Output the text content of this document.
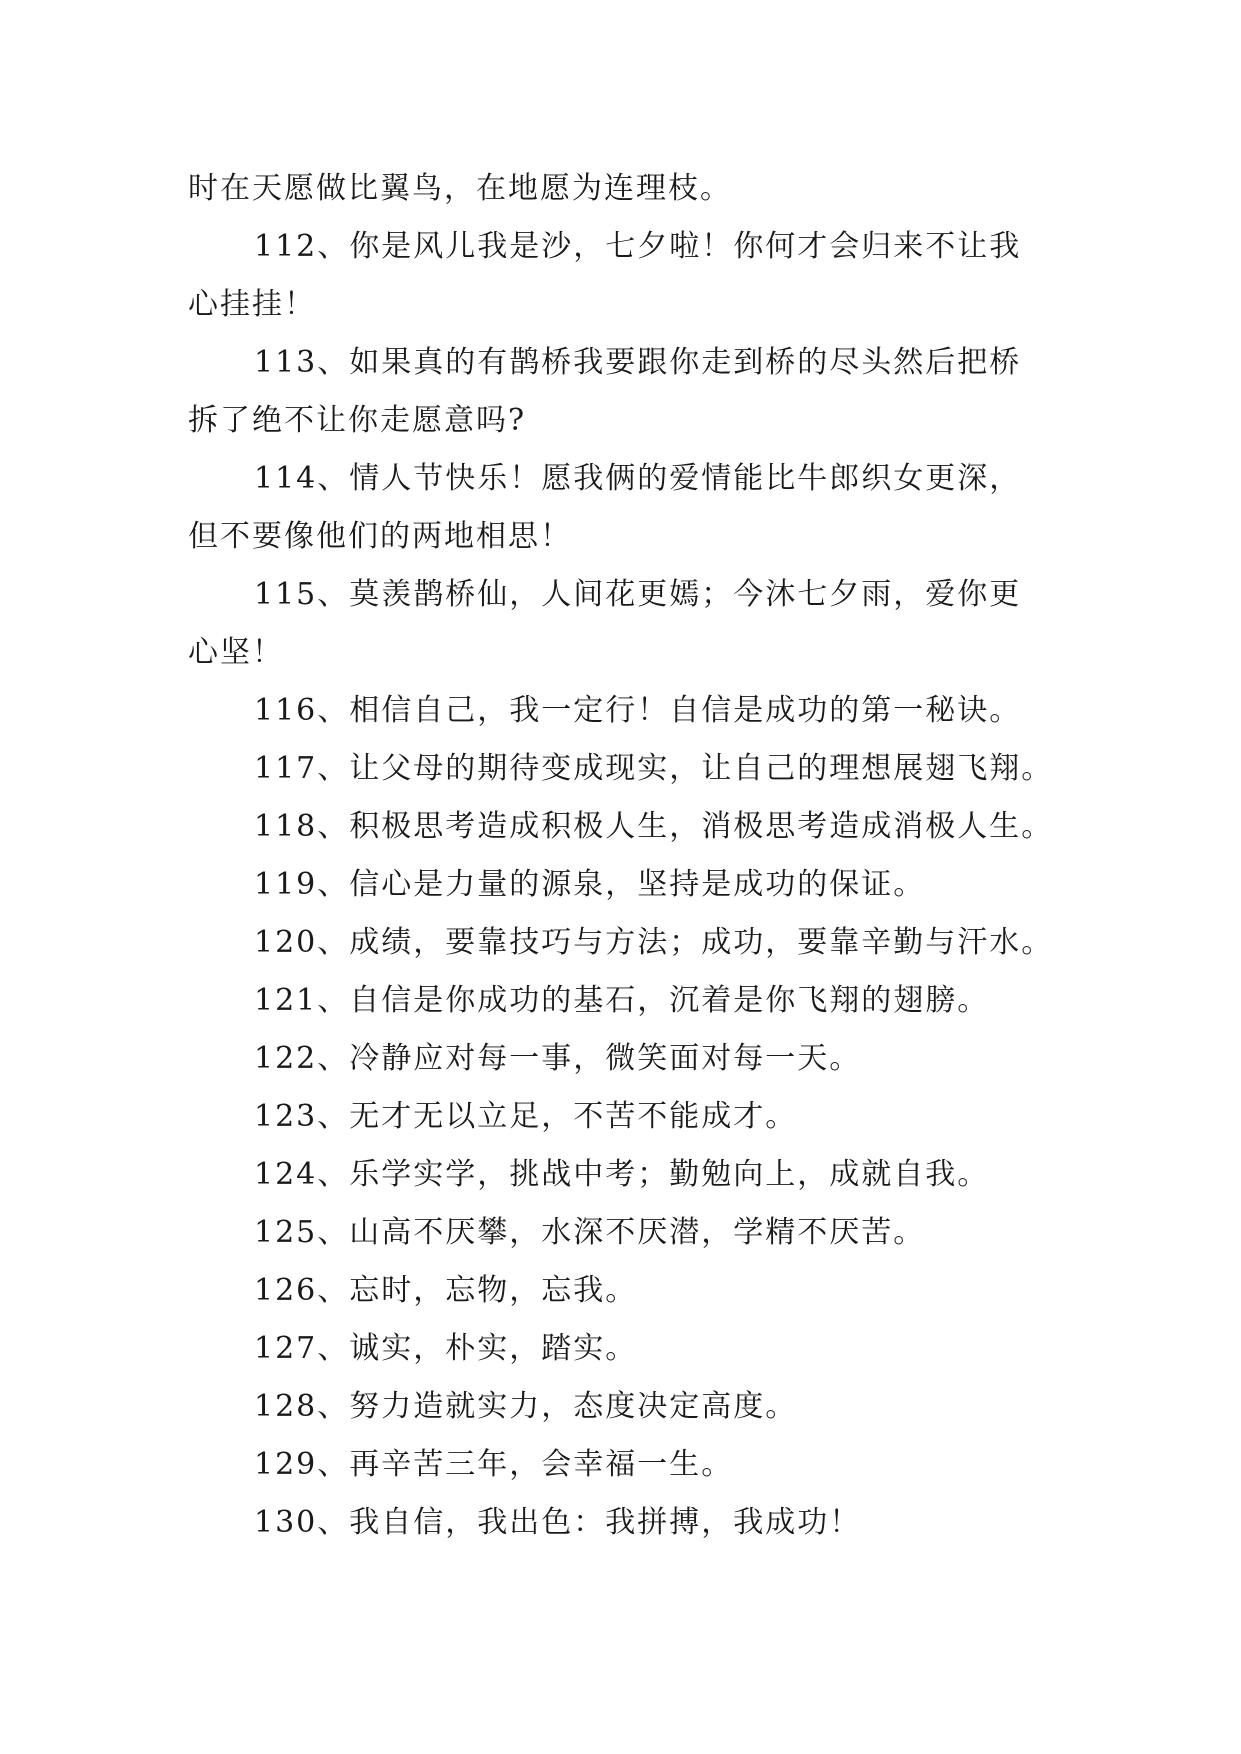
时在天愿做比翼鸟，在地愿为连理枝。
112、你是风儿我是沙，七夕啦！你何才会归来不让我
心挂挂！
113、如果真的有鹊桥我要跟你走到桥的尽头然后把桥
拆了绝不让你走愿意吗?
114、情人节快乐！愿我俩的爱情能比牛郎织女更深，
但不要像他们的两地相思！
115、莫羡鹊桥仙，人间花更嫣；今沐七夕雨，爱你更
心坚！
116、相信自己，我一定行！自信是成功的第一秘诀。
117、让父母的期待变成现实，让自己的理想展翅飞翔。
118、积极思考造成积极人生，消极思考造成消极人生。
119、信心是力量的源泉，坚持是成功的保证。
120、成绩，要靠技巧与方法；成功，要靠辛勤与汗水。
121、自信是你成功的基石，沉着是你飞翔的翅膀。
122、冷静应对每一事，微笑面对每一天。
123、无才无以立足，不苦不能成才。
124、乐学实学，挑战中考；勤勉向上，成就自我。
125、山高不厌攀，水深不厌潜，学精不厌苦。
126、忘时，忘物，忘我。
127、诚实，朴实，踏实。
128、努力造就实力，态度决定高度。
129、再辛苦三年，会幸福一生。
130、我自信，我出色：我拼搏，我成功！
